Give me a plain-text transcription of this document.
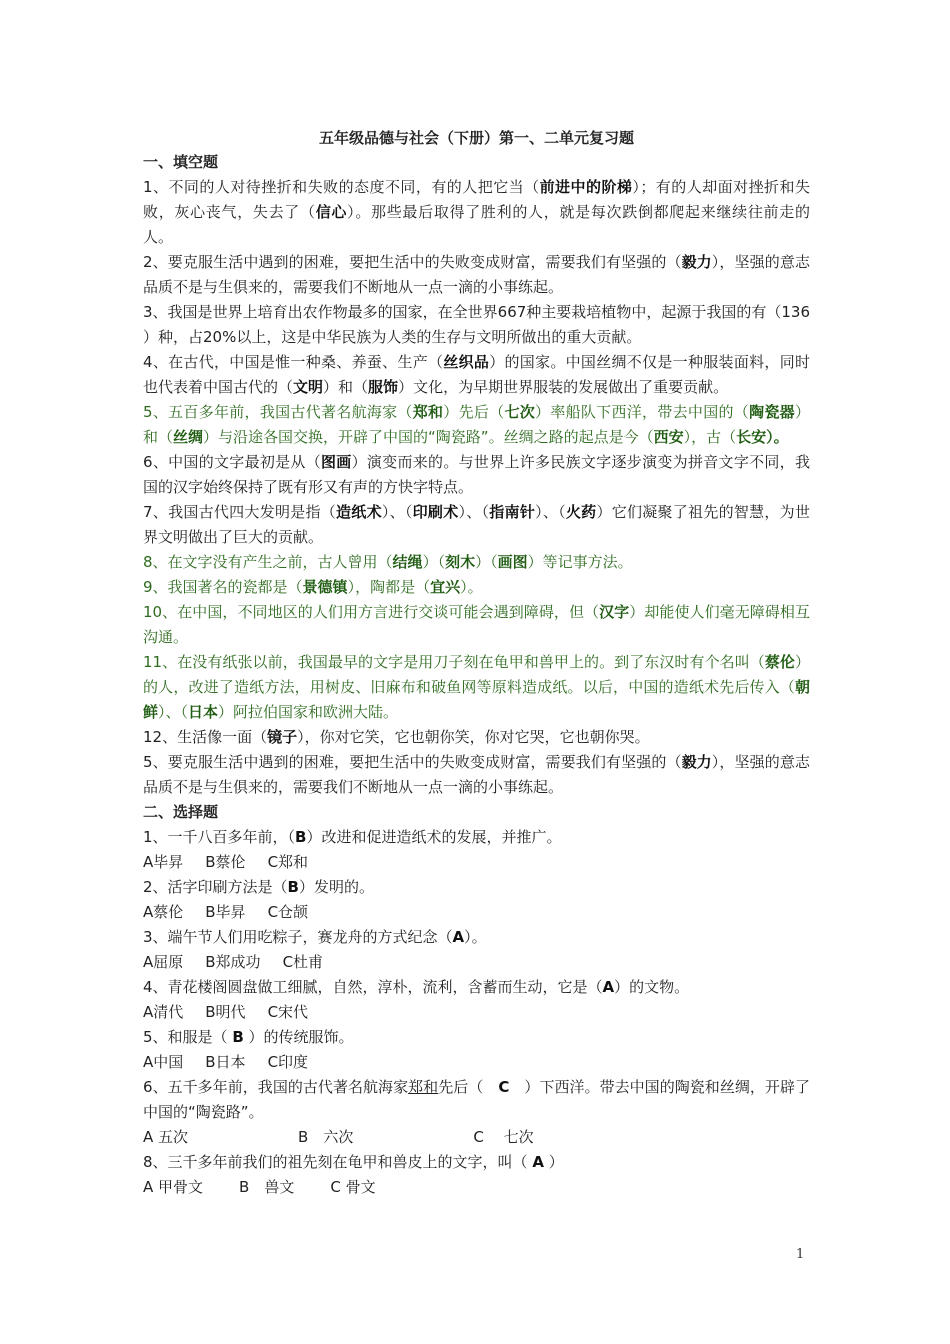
五年级品德与社会（下册）第一、二单元复习题
一、填空题
1、不同的人对待挫折和失败的态度不同，有的人把它当（前进中的阶梯）；有的人却面对挫折和失败，灰心丧气，失去了（信心）。那些最后取得了胜利的人，就是每次跌倒都爬起来继续往前走的人。
2、要克服生活中遇到的困难，要把生活中的失败变成财富，需要我们有坚强的（毅力），坚强的意志品质不是与生俱来的，需要我们不断地从一点一滴的小事练起。
3、我国是世界上培育出农作物最多的国家，在全世界667种主要栽培植物中，起源于我国的有（136 ）种，占20%以上，这是中华民族为人类的生存与文明所做出的重大贡献。
4、在古代，中国是惟一种桑、养蚕、生产（丝织品）的国家。中国丝绸不仅是一种服装面料，同时也代表着中国古代的（文明）和（服饰）文化，为早期世界服装的发展做出了重要贡献。
5、五百多年前，我国古代著名航海家（郑和）先后（七次）率船队下西洋，带去中国的（陶瓷器）和（丝绸）与沿途各国交换，开辟了中国的“陶瓷路”。丝绸之路的起点是今（西安），古（长安）。
6、中国的文字最初是从（图画）演变而来的。与世界上许多民族文字逐步演变为拼音文字不同，我国的汉字始终保持了既有形又有声的方快字特点。
7、我国古代四大发明是指（造纸术）、（印刷术）、（指南针）、（火药）它们凝聚了祖先的智慧，为世界文明做出了巨大的贡献。
8、在文字没有产生之前，古人曾用（结绳）（刻木）（画图）等记事方法。
9、我国著名的瓷都是（景德镇），陶都是（宜兴）。
10、在中国，不同地区的人们用方言进行交谈可能会遇到障碍，但（汉字）却能使人们毫无障碍相互沟通。
11、在没有纸张以前，我国最早的文字是用刀子刻在龟甲和兽甲上的。到了东汉时有个名叫（蔡伦）的人，改进了造纸方法，用树皮、旧麻布和破鱼网等原料造成纸。以后，中国的造纸术先后传入（朝鲜）、（日本）阿拉伯国家和欧洲大陆。
12、生活像一面（镜子），你对它笑，它也朝你笑，你对它哭，它也朝你哭。
5、要克服生活中遇到的困难，要把生活中的失败变成财富，需要我们有坚强的（毅力），坚强的意志品质不是与生俱来的，需要我们不断地从一点一滴的小事练起。
二、选择题
1、一千八百多年前，（B）改进和促进造纸术的发展，并推广。
A毕昇 B蔡伦 C郑和
2、活字印刷方法是（B）发明的。
A蔡伦 B毕昇 C仓颉
3、端午节人们用吃粽子，赛龙舟的方式纪念（A）。
A屈原 B郑成功 C杜甫
4、青花楼阁圆盘做工细腻，自然，淳朴，流利，含蓄而生动，它是（A）的文物。
A清代 B明代 C宋代
5、和服是（ B ）的传统服饰。
A中国 B日本 C印度
6、五千多年前，我国的古代著名航海家郑和先后（　C　）下西洋。带去中国的陶瓷和丝绸，开辟了中国的“陶瓷路”。
A 五次	B　六次	C　 七次
8、三千多年前我们的祖先刻在龟甲和兽皮上的文字，叫（ A ）
A 甲骨文 B　兽文 C 骨文
1
